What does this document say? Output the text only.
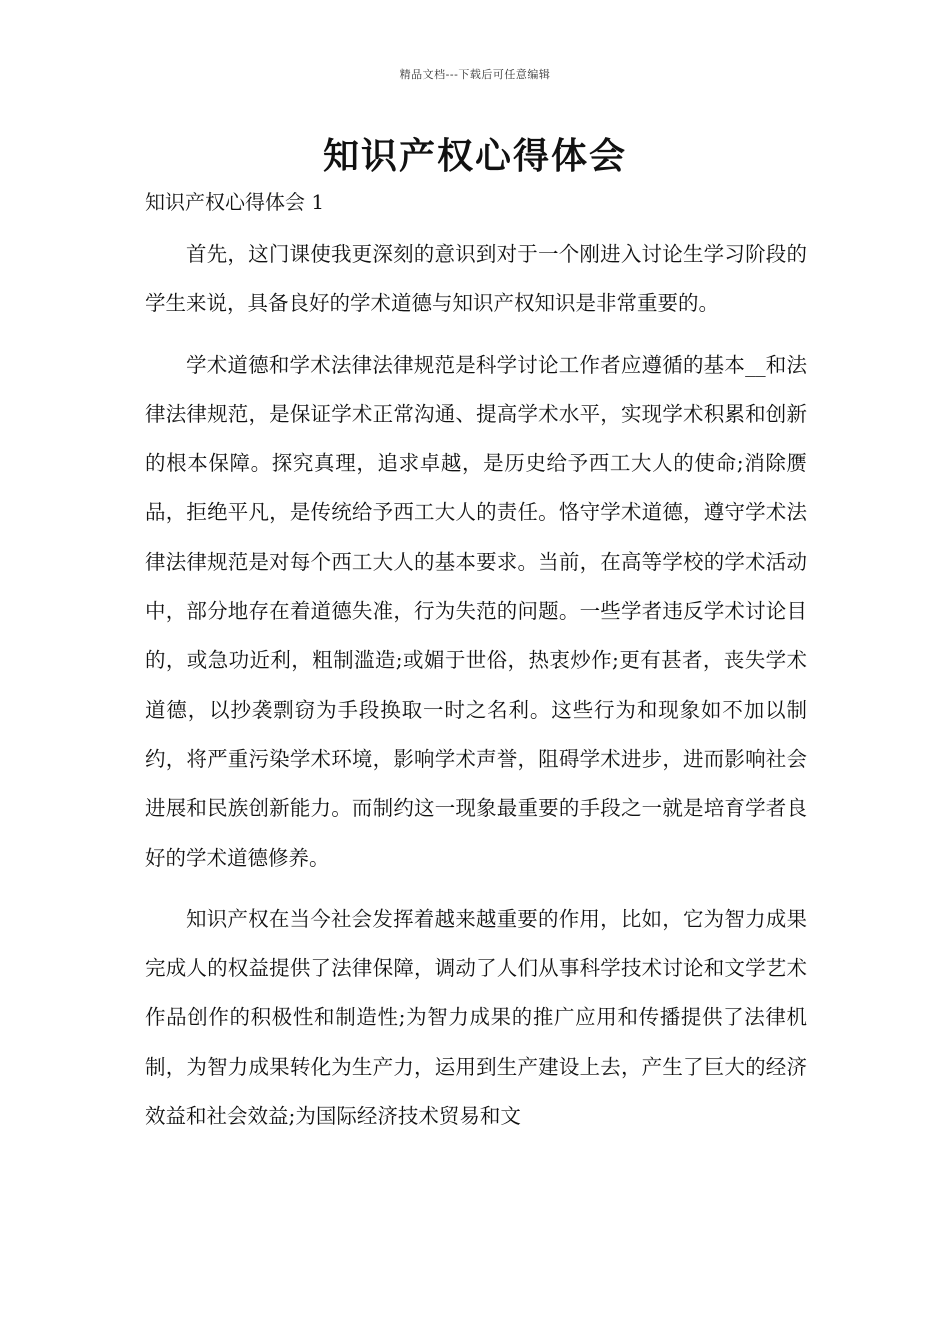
精品文档---下载后可任意编辑
知识产权心得体会
知识产权心得体会 1

首先，这门课使我更深刻的意识到对于一个刚进入讨论生学习阶段的学生来说，具备良好的学术道德与知识产权知识是非常重要的。

学术道德和学术法律法律规范是科学讨论工作者应遵循的基本__和法律法律规范，是保证学术正常沟通、提高学术水平，实现学术积累和创新的根本保障。探究真理，追求卓越，是历史给予西工大人的使命;消除赝品，拒绝平凡，是传统给予西工大人的责任。恪守学术道德，遵守学术法律法律规范是对每个西工大人的基本要求。当前，在高等学校的学术活动中，部分地存在着道德失准，行为失范的问题。一些学者违反学术讨论目的，或急功近利，粗制滥造;或媚于世俗，热衷炒作;更有甚者，丧失学术道德，以抄袭剽窃为手段换取一时之名利。这些行为和现象如不加以制约，将严重污染学术环境，影响学术声誉，阻碍学术进步，进而影响社会进展和民族创新能力。而制约这一现象最重要的手段之一就是培育学者良好的学术道德修养。

知识产权在当今社会发挥着越来越重要的作用，比如，它为智力成果完成人的权益提供了法律保障，调动了人们从事科学技术讨论和文学艺术作品创作的积极性和制造性;为智力成果的推广应用和传播提供了法律机制，为智力成果转化为生产力，运用到生产建设上去，产生了巨大的经济效益和社会效益;为国际经济技术贸易和文
